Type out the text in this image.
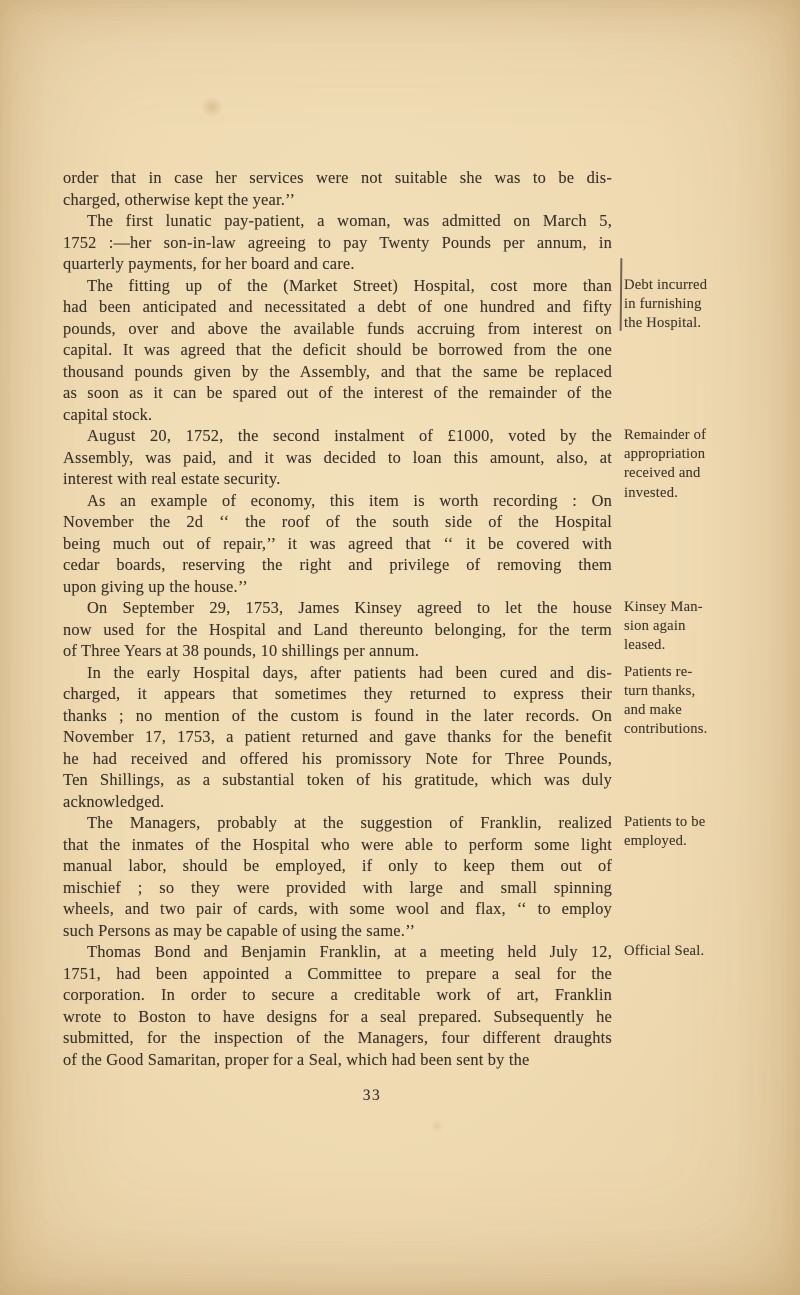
order that in case her services were not suitable she was to be dis-
charged, otherwise kept the year.’’
The first lunatic pay-patient, a woman, was admitted on March 5,
1752 :—her son-in-law agreeing to pay Twenty Pounds per annum, in
quarterly payments, for her board and care.
The fitting up of the (Market Street) Hospital, cost more than
had been anticipated and necessitated a debt of one hundred and fifty
pounds, over and above the available funds accruing from interest on
capital. It was agreed that the deficit should be borrowed from the one
thousand pounds given by the Assembly, and that the same be replaced
as soon as it can be spared out of the interest of the remainder of the
capital stock.
Debt incurred
in furnishing
the Hospital.
August 20, 1752, the second instalment of £1000, voted by the
Assembly, was paid, and it was decided to loan this amount, also, at
interest with real estate security.
Remainder of
appropriation
received and
invested.
As an example of economy, this item is worth recording : On
November the 2d ‘‘ the roof of the south side of the Hospital
being much out of repair,’’ it was agreed that ‘‘ it be covered with
cedar boards, reserving the right and privilege of removing them
upon giving up the house.’’
On September 29, 1753, James Kinsey agreed to let the house
now used for the Hospital and Land thereunto belonging, for the term
of Three Years at 38 pounds, 10 shillings per annum.
Kinsey Man-
sion again
leased.
In the early Hospital days, after patients had been cured and dis-
charged, it appears that sometimes they returned to express their
thanks ; no mention of the custom is found in the later records. On
November 17, 1753, a patient returned and gave thanks for the benefit
he had received and offered his promissory Note for Three Pounds,
Ten Shillings, as a substantial token of his gratitude, which was duly
acknowledged.
Patients re-
turn thanks,
and make
contributions.
The Managers, probably at the suggestion of Franklin, realized
that the inmates of the Hospital who were able to perform some light
manual labor, should be employed, if only to keep them out of
mischief ; so they were provided with large and small spinning
wheels, and two pair of cards, with some wool and flax, ‘‘ to employ
such Persons as may be capable of using the same.’’
Patients to be
employed.
Thomas Bond and Benjamin Franklin, at a meeting held July 12,
1751, had been appointed a Committee to prepare a seal for the
corporation. In order to secure a creditable work of art, Franklin
wrote to Boston to have designs for a seal prepared. Subsequently he
submitted, for the inspection of the Managers, four different draughts
of the Good Samaritan, proper for a Seal, which had been sent by the
Official Seal.
33
